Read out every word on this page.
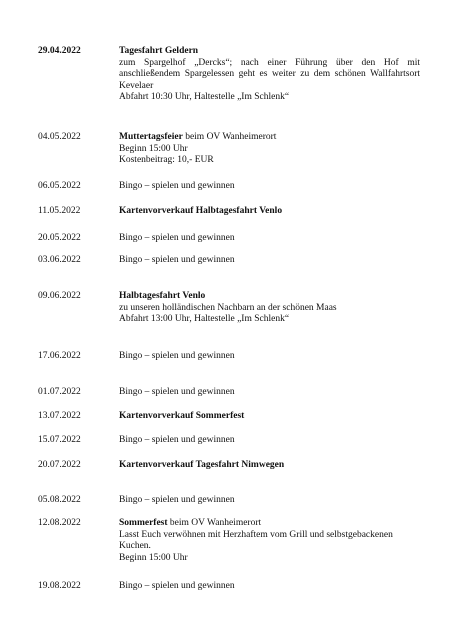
29.04.2022	Tagesfahrt Geldern
zum Spargelhof „Dercks“; nach einer Führung über den Hof mit anschließendem Spargelessen geht es weiter zu dem schönen Wallfahrtsort Kevelaer
Abfahrt 10:30 Uhr, Haltestelle „Im Schlenk“
04.05.2022	Muttertagsfeier beim OV Wanheimerort
Beginn 15:00 Uhr
Kostenbeitrag: 10,- EUR
06.05.2022	Bingo – spielen und gewinnen
11.05.2022	Kartenvorverkauf Halbtagesfahrt Venlo
20.05.2022	Bingo – spielen und gewinnen
03.06.2022	Bingo – spielen und gewinnen
09.06.2022	Halbtagesfahrt Venlo
zu unseren holländischen Nachbarn an der schönen Maas
Abfahrt 13:00 Uhr, Haltestelle „Im Schlenk“
17.06.2022	Bingo – spielen und gewinnen
01.07.2022	Bingo – spielen und gewinnen
13.07.2022	Kartenvorverkauf Sommerfest
15.07.2022	Bingo – spielen und gewinnen
20.07.2022	Kartenvorverkauf Tagesfahrt Nimwegen
05.08.2022	Bingo – spielen und gewinnen
12.08.2022	Sommerfest beim OV Wanheimerort
Lasst Euch verwöhnen mit Herzhaftem vom Grill und selbstgebackenen Kuchen.
Beginn 15:00 Uhr
19.08.2022	Bingo – spielen und gewinnen
